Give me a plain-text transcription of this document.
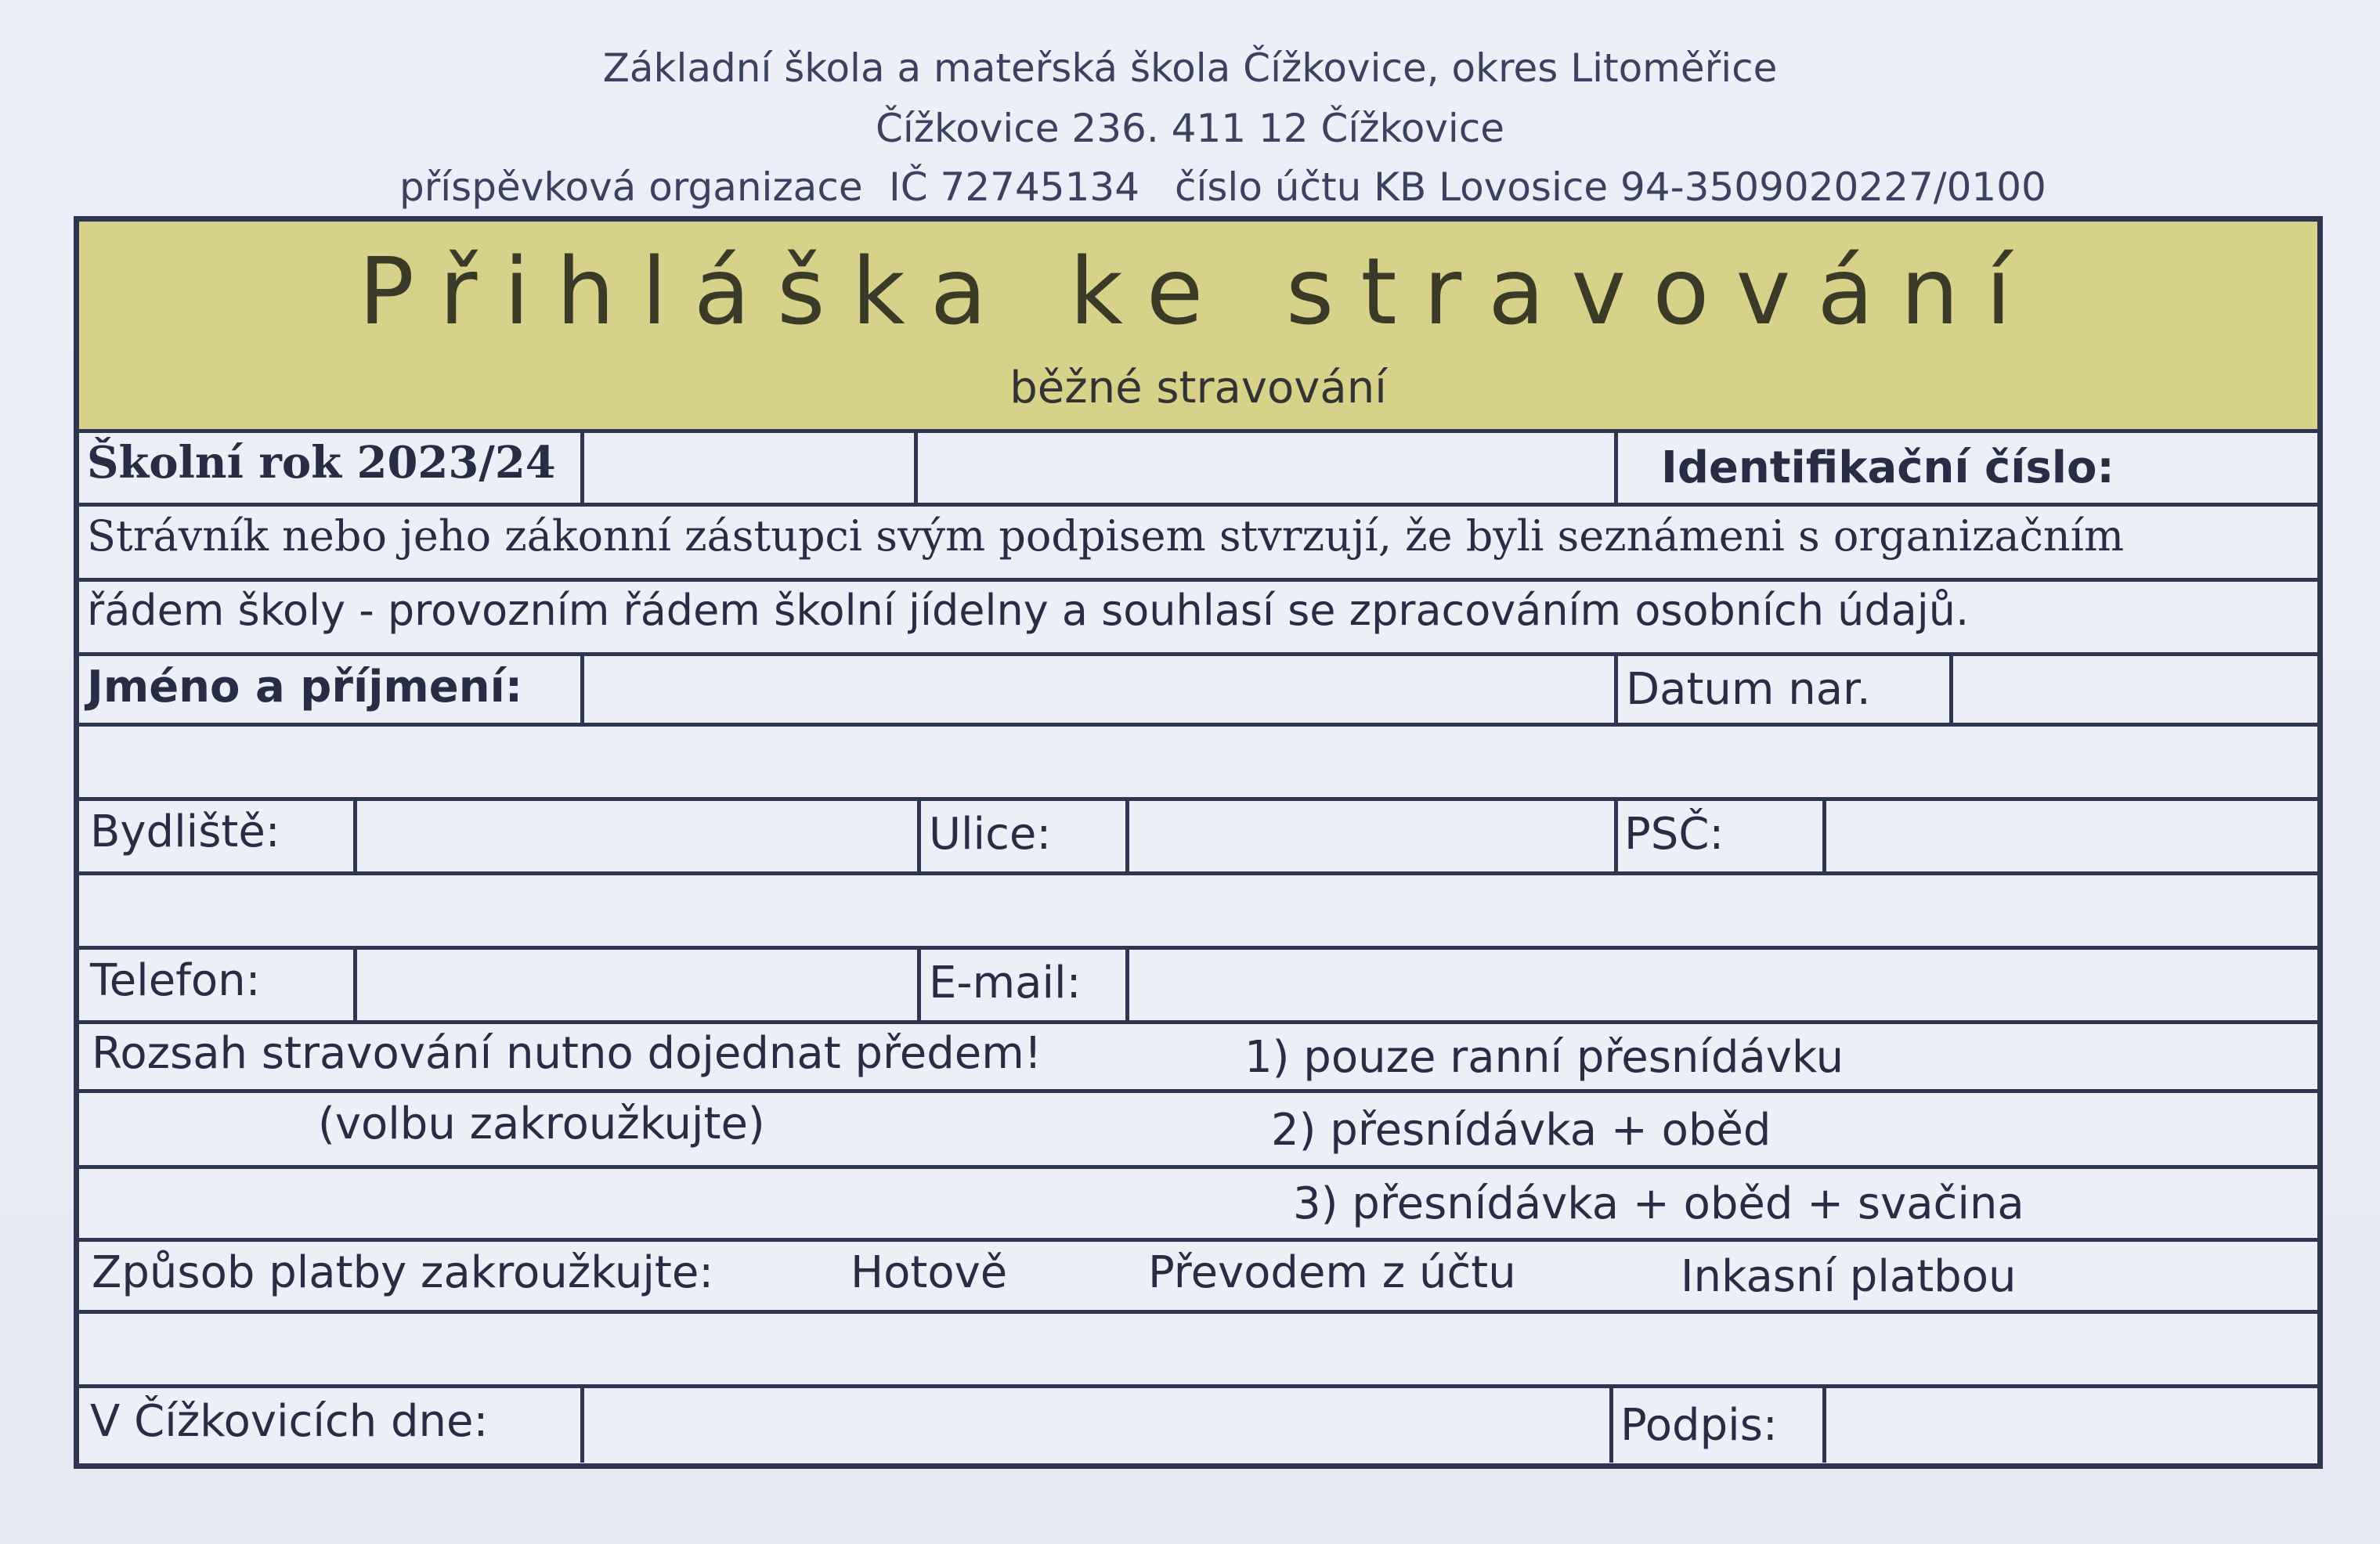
Základní škola a mateřská škola Čížkovice, okres Litoměřice
Čížkovice 236. 411 12 Čížkovice
příspěvková organizace IČ 72745134 číslo účtu KB Lovosice 94-3509020227/0100
Přihláška ke stravování
běžné stravování
Školní rok 2023/24	Identifikační číslo:
Strávník nebo jeho zákonní zástupci svým podpisem stvrzují, že byli seznámeni s organizačním
řádem školy - provozním řádem školní jídelny a souhlasí se zpracováním osobních údajů.
Jméno a příjmení:	Datum nar.
Bydliště:	Ulice:	PSČ:
Telefon:	E-mail:
Rozsah stravování nutno dojednat předem!	1) pouze ranní přesnídávku
(volbu zakroužkujte)	2) přesnídávka + oběd
3) přesnídávka + oběd + svačina
Způsob platby zakroužkujte:	Hotově	Převodem z účtu	Inkasní platbou
V Čížkovicích dne:	Podpis:
